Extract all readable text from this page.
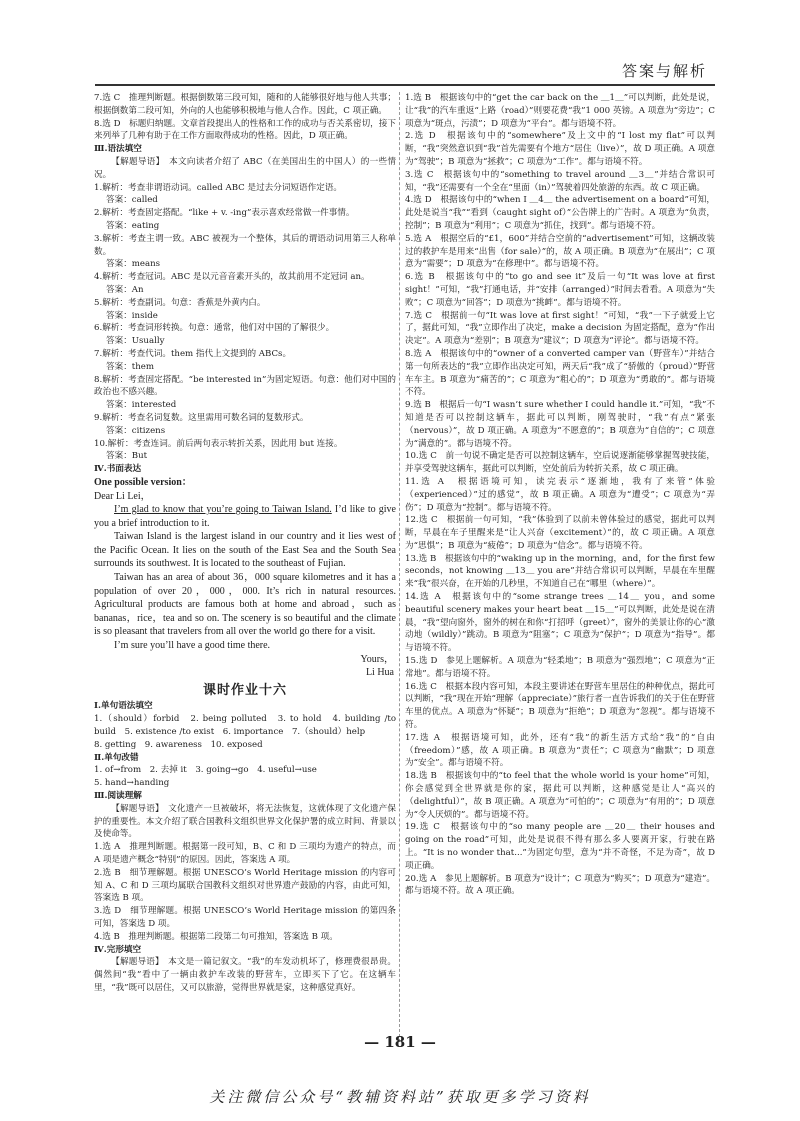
答案与解析

7.选 C　推理判断题。根据倒数第三段可知，随和的人能够很好地与他人共事；根据倒数第二段可知，外向的人也能够积极地与他人合作。因此，C 项正确。

8.选 D　标题归纳题。文章首段提出人的性格和工作的成功与否关系密切，接下来列举了几种有助于在工作方面取得成功的性格。因此，D 项正确。

Ⅲ.语法填空

【解题导语】　本文向读者介绍了 ABC（在美国出生的中国人）的一些情况。

1.解析：考查非谓语动词。called ABC 是过去分词短语作定语。

答案：called

2.解析：考查固定搭配。“like + v. -ing”表示喜欢经常做一件事情。

答案：eating

3.解析：考查主谓一致。ABC 被视为一个整体，其后的谓语动词用第三人称单数。

答案：means

4.解析：考查冠词。ABC 是以元音音素开头的，故其前用不定冠词 an。

答案：An

5.解析：考查副词。句意：香蕉是外黄内白。

答案：inside

6.解析：考查词形转换。句意：通常，他们对中国的了解很少。

答案：Usually

7.解析：考查代词。them 指代上文提到的 ABCs。

答案：them

8.解析：考查固定搭配。“be interested in”为固定短语。句意：他们对中国的政治也不感兴趣。

答案：interested

9.解析：考查名词复数。这里需用可数名词的复数形式。

答案：citizens

10.解析：考查连词。前后两句表示转折关系，因此用 but 连接。

答案：But

Ⅳ.书面表达

One possible version：

Dear Li Lei，

I’m glad to know that you’re going to Taiwan Island. I’d like to give you a brief introduction to it.

Taiwan Island is the largest island in our country and it lies west of the Pacific Ocean. It lies on the south of the East Sea and the South Sea surrounds its southwest. It is located to the southeast of Fujian.

Taiwan has an area of about 36，000 square kilometres and it has a population of over 20，000，000. It’s rich in natural resources. Agricultural products are famous both at home and abroad，such as bananas，rice，tea and so on. The scenery is so beautiful and the climate is so pleasant that travelers from all over the world go there for a visit.

I’m sure you’ll have a good time there.

Yours，

Li Hua

课时作业十六

Ⅰ.单句语法填空

1.（should）forbid　2. being polluted　3. to hold　4. building /to build　5. existence /to exist　6. importance　7.（should）help

8. getting　9. awareness　10. exposed

Ⅱ.单句改错

1. of→from　2. 去掉 it　3. going→go　4. useful→use

5. hand→handing

Ⅲ.阅读理解

【解题导语】　文化遗产一旦被破坏，将无法恢复，这就体现了文化遗产保护的重要性。本文介绍了联合国教科文组织世界文化保护署的成立时间、背景以及使命等。

1.选 A　推理判断题。根据第一段可知，B、C 和 D 三项均为遗产的特点，而 A 项是遗产概念“特别”的原因。因此，答案选 A 项。

2.选 B　细节理解题。根据 UNESCO’s World Heritage mission 的内容可知 A、C 和 D 三项均属联合国教科文组织对世界遗产鼓励的内容，由此可知，答案选 B 项。

3.选 D　细节理解题。根据 UNESCO’s World Heritage mission 的第四条可知，答案选 D 项。

4.选 B　推理判断题。根据第二段第二句可推知，答案选 B 项。

Ⅳ.完形填空

【解题导语】　本文是一篇记叙文。“我”的车发动机坏了，修理费很昂贵。偶然间“我”看中了一辆由救护车改装的野营车，立即买下了它。在这辆车里，“我”既可以居住，又可以旅游，觉得世界就是家，这种感觉真好。

1.选 B　根据该句中的“get the car back on the ＿1＿”可以判断，此处是说，让“我”的汽车重返“上路（road）”则要花费“我”1 000 英镑。A 项意为“旁边”；C 项意为“斑点，污渍”；D 项意为“平台”。都与语境不符。

2.选 D　根据该句中的“somewhere”及上文中的“I lost my flat”可以判断，“我”突然意识到“我”首先需要有个地方“居住（live）”，故 D 项正确。A 项意为“驾驶”；B 项意为“拯救”；C 项意为“工作”。都与语境不符。

3.选 C　根据该句中的“something to travel around ＿3＿”并结合常识可知，“我”还需要有一个全在“里面（in）”驾驶着四处旅游的东西。故 C 项正确。

4.选 D　根据该句中的“when I ＿4＿ the advertisement on a board”可知，此处是说当“我”“看到（caught sight of）”公告牌上的广告时。A 项意为“负责，控制”；B 项意为“利用”；C 项意为“抓住，找到”。都与语境不符。

5.选 A　根据空后的“£1，600”并结合空前的“advertisement”可知，这辆改装过的救护车是用来“出售（for sale）”的，故 A 项正确。B 项意为“在展出”；C 项意为“需要”；D 项意为“在修理中”。都与语境不符。

6.选 B　根据该句中的“to go and see it”及后一句“It was love at first sight！”可知，“我”打通电话，并“安排（arranged）”时间去看看。A 项意为“失败”；C 项意为“回答”；D 项意为“挑衅”。都与语境不符。

7.选 C　根据前一句“It was love at first sight！”可知，“我”一下子就爱上它了，据此可知，“我”立即作出了决定，make a decision 为固定搭配，意为“作出决定”。A 项意为“差别”；B 项意为“建议”；D 项意为“评论”。都与语境不符。

8.选 A　根据该句中的“owner of a converted camper van（野营车）”并结合第一句所表达的“我”立即作出决定可知，两天后“我”成了“骄傲的（proud）”野营车车主。B 项意为“痛苦的”；C 项意为“粗心的”；D 项意为“勇敢的”。都与语境不符。

9.选 B　根据后一句“I wasn’t sure whether I could handle it.”可知，“我”不知道是否可以控制这辆车，据此可以判断，刚驾驶时，“我”有点“紧张（nervous）”，故 D 项正确。A 项意为“不愿意的”；B 项意为“自信的”；C 项意为“满意的”。都与语境不符。

10.选 C　前一句说不确定是否可以控制这辆车，空后说逐渐能够掌握驾驶技能，并享受驾驶这辆车，据此可以判断，空处前后为转折关系，故 C 项正确。

11.选 A　根据语境可知，读完表示“逐渐地，我有了来管”体验（experienced）”过的感觉”，故 B 项正确。A 项意为“遭受”；C 项意为“弄伤”；D 项意为“控制”。都与语境不符。

12.选 C　根据前一句可知，“我”体验到了以前未曾体验过的感觉，据此可以判断，早晨在车子里醒来是“让人兴奋（excitement）”的，故 C 项正确。A 项意为“思惧”；B 项意为“疲倦”；D 项意为“信念”。都与语境不符。

13.选 B　根据该句中的“waking up in the morning，and，for the first few seconds，not knowing ＿13＿ you are”并结合常识可以判断，早晨在车里醒来“我”很兴奋，在开始的几秒里，不知道自己在“哪里（where）”。

14.选 A　根据该句中的“some strange trees ＿14＿ you，and some beautiful scenery makes your heart beat ＿15＿”可以判断，此处是说在清晨，“我”望向窗外，窗外的树在和你“打招呼（greet）”，窗外的美景让你的心“激动地（wildly）”跳动。B 项意为“阻塞”；C 项意为“保护”；D 项意为“指导”。都与语境不符。

15.选 D　参见上题解析。A 项意为“轻柔地”；B 项意为“强烈地”；C 项意为“正常地”。都与语境不符。

16.选 C　根据本段内容可知，本段主要讲述在野营车里居住的种种优点，据此可以判断，“我”现在开始“理解（appreciate）”旅行者一直告诉我们的关于住在野营车里的优点。A 项意为“怀疑”；B 项意为“拒绝”；D 项意为“忽视”。都与语境不符。

17.选 A　根据语境可知，此外，还有“我”的新生活方式给“我”的“自由（freedom）”感，故 A 项正确。B 项意为“责任”；C 项意为“幽默”；D 项意为“安全”。都与语境不符。

18.选 B　根据该句中的“to feel that the whole world is your home”可知，你会感觉到全世界就是你的家，据此可以判断，这种感觉是让人“高兴的（delightful）”，故 B 项正确。A 项意为“可怕的”；C 项意为“有用的”；D 项意为“令人厌烦的”。都与语境不符。

19.选 C　根据该句中的“so many people are ＿20＿ their houses and going on the road”可知，此处是说很不得有那么多人要离开家，行驶在路上。“It is no wonder that...”为固定句型，意为“并不奇怪，不足为奇”，故 D 项正确。

20.选 A　参见上题解析。B 项意为“设计”；C 项意为“购买”；D 项意为“建造”。都与语境不符。故 A 项正确。

— 181 —
关注微信公众号“教辅资料站”获取更多学习资料
